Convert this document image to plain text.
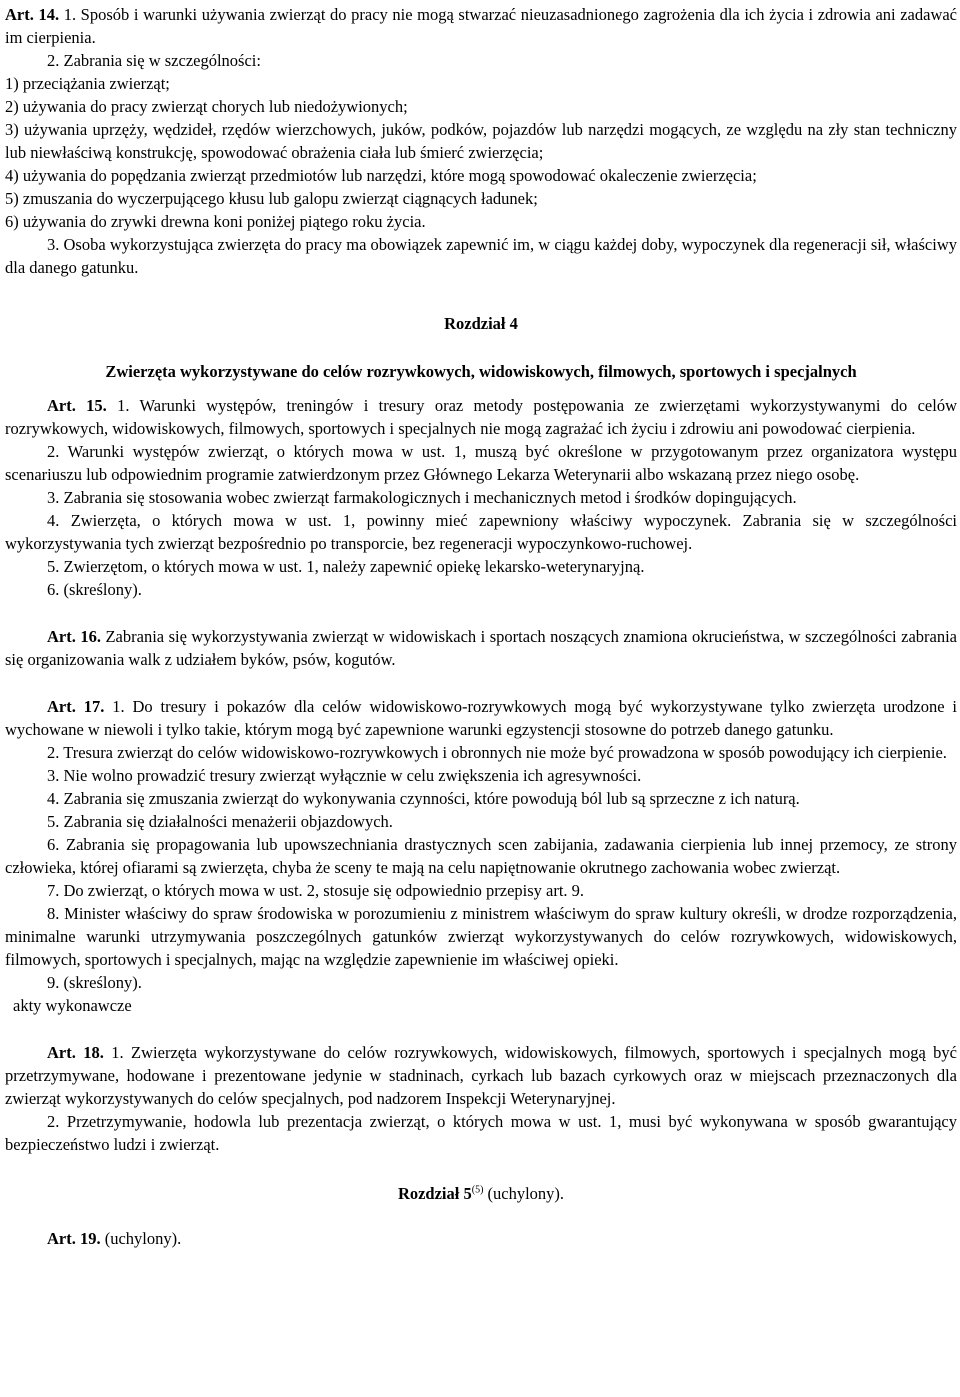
Art. 14. 1. Sposób i warunki używania zwierząt do pracy nie mogą stwarzać nieuzasadnionego zagrożenia dla ich życia i zdrowia ani zadawać im cierpienia.

2. Zabrania się w szczególności:

1) przeciążania zwierząt;

2) używania do pracy zwierząt chorych lub niedożywionych;

3) używania uprzęży, wędzideł, rzędów wierzchowych, juków, podków, pojazdów lub narzędzi mogących, ze względu na zły stan techniczny lub niewłaściwą konstrukcję, spowodować obrażenia ciała lub śmierć zwierzęcia;

4) używania do popędzania zwierząt przedmiotów lub narzędzi, które mogą spowodować okaleczenie zwierzęcia;

5) zmuszania do wyczerpującego kłusu lub galopu zwierząt ciągnących ładunek;

6) używania do zrywki drewna koni poniżej piątego roku życia.

3. Osoba wykorzystująca zwierzęta do pracy ma obowiązek zapewnić im, w ciągu każdej doby, wypoczynek dla regeneracji sił, właściwy dla danego gatunku.

Rozdział 4

Zwierzęta wykorzystywane do celów rozrywkowych, widowiskowych, filmowych, sportowych i specjalnych

Art. 15. 1. Warunki występów, treningów i tresury oraz metody postępowania ze zwierzętami wykorzystywanymi do celów rozrywkowych, widowiskowych, filmowych, sportowych i specjalnych nie mogą zagrażać ich życiu i zdrowiu ani powodować cierpienia.

2. Warunki występów zwierząt, o których mowa w ust. 1, muszą być określone w przygotowanym przez organizatora występu scenariuszu lub odpowiednim programie zatwierdzonym przez Głównego Lekarza Weterynarii albo wskazaną przez niego osobę.

3. Zabrania się stosowania wobec zwierząt farmakologicznych i mechanicznych metod i środków dopingujących.

4. Zwierzęta, o których mowa w ust. 1, powinny mieć zapewniony właściwy wypoczynek. Zabrania się w szczególności wykorzystywania tych zwierząt bezpośrednio po transporcie, bez regeneracji wypoczynkowo-ruchowej.

5. Zwierzętom, o których mowa w ust. 1, należy zapewnić opiekę lekarsko-weterynaryjną.

6. (skreślony).

Art. 16. Zabrania się wykorzystywania zwierząt w widowiskach i sportach noszących znamiona okrucieństwa, w szczególności zabrania się organizowania walk z udziałem byków, psów, kogutów.

Art. 17. 1. Do tresury i pokazów dla celów widowiskowo-rozrywkowych mogą być wykorzystywane tylko zwierzęta urodzone i wychowane w niewoli i tylko takie, którym mogą być zapewnione warunki egzystencji stosowne do potrzeb danego gatunku.

2. Tresura zwierząt do celów widowiskowo-rozrywkowych i obronnych nie może być prowadzona w sposób powodujący ich cierpienie.

3. Nie wolno prowadzić tresury zwierząt wyłącznie w celu zwiększenia ich agresywności.

4. Zabrania się zmuszania zwierząt do wykonywania czynności, które powodują ból lub są sprzeczne z ich naturą.

5. Zabrania się działalności menażerii objazdowych.

6. Zabrania się propagowania lub upowszechniania drastycznych scen zabijania, zadawania cierpienia lub innej przemocy, ze strony człowieka, której ofiarami są zwierzęta, chyba że sceny te mają na celu napiętnowanie okrutnego zachowania wobec zwierząt.

7. Do zwierząt, o których mowa w ust. 2, stosuje się odpowiednio przepisy art. 9.

8. Minister właściwy do spraw środowiska w porozumieniu z ministrem właściwym do spraw kultury określi, w drodze rozporządzenia, minimalne warunki utrzymywania poszczególnych gatunków zwierząt wykorzystywanych do celów rozrywkowych, widowiskowych, filmowych, sportowych i specjalnych, mając na względzie zapewnienie im właściwej opieki.

9. (skreślony).

akty wykonawcze

Art. 18. 1. Zwierzęta wykorzystywane do celów rozrywkowych, widowiskowych, filmowych, sportowych i specjalnych mogą być przetrzymywane, hodowane i prezentowane jedynie w stadninach, cyrkach lub bazach cyrkowych oraz w miejscach przeznaczonych dla zwierząt wykorzystywanych do celów specjalnych, pod nadzorem Inspekcji Weterynaryjnej.

2. Przetrzymywanie, hodowla lub prezentacja zwierząt, o których mowa w ust. 1, musi być wykonywana w sposób gwarantujący bezpieczeństwo ludzi i zwierząt.

Rozdział 5$^{(5)}$ (uchylony).

Art. 19. (uchylony).
